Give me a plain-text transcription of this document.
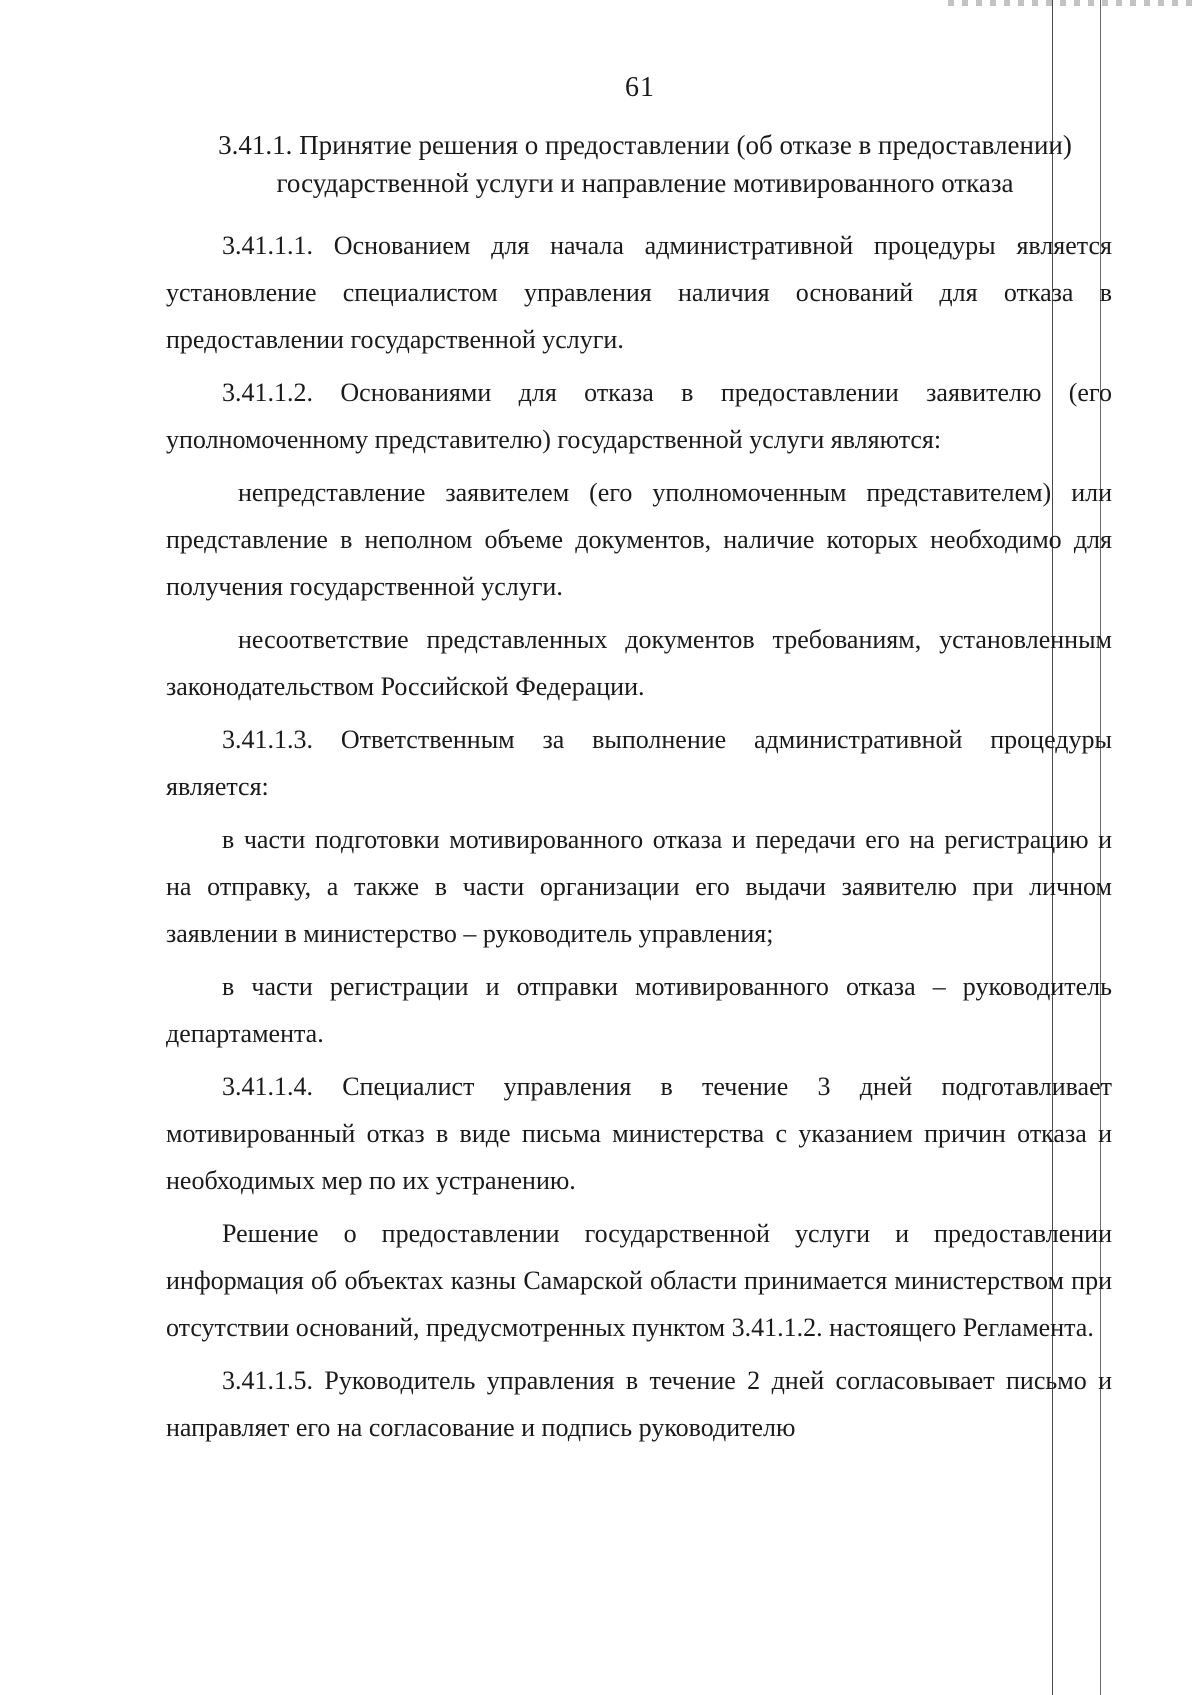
61
3.41.1. Принятие решения о предоставлении (об отказе в предоставлении)
государственной услуги и направление мотивированного отказа

3.41.1.1. Основанием для начала административной процедуры является установление специалистом управления наличия оснований для отказа в предоставлении государственной услуги.

3.41.1.2. Основаниями для отказа в предоставлении заявителю (его уполномоченному представителю) государственной услуги являются:

непредставление заявителем (его уполномоченным представителем) или представление в неполном объеме документов, наличие которых необходимо для получения государственной услуги.

несоответствие представленных документов требованиям, установленным законодательством Российской Федерации.

3.41.1.3. Ответственным за выполнение административной процедуры является:

в части подготовки мотивированного отказа и передачи его на регистрацию и на отправку, а также в части организации его выдачи заявителю при личном заявлении в министерство – руководитель управления;

в части регистрации и отправки мотивированного отказа – руководитель департамента.

3.41.1.4. Специалист управления в течение 3 дней подготавливает мотивированный отказ в виде письма министерства с указанием причин отказа и необходимых мер по их устранению.

Решение о предоставлении государственной услуги и предоставлении информация об объектах казны Самарской области принимается министерством при отсутствии оснований, предусмотренных пунктом 3.41.1.2. настоящего Регламента.

3.41.1.5. Руководитель управления в течение 2 дней согласовывает письмо и направляет его на согласование и подпись руководителю
